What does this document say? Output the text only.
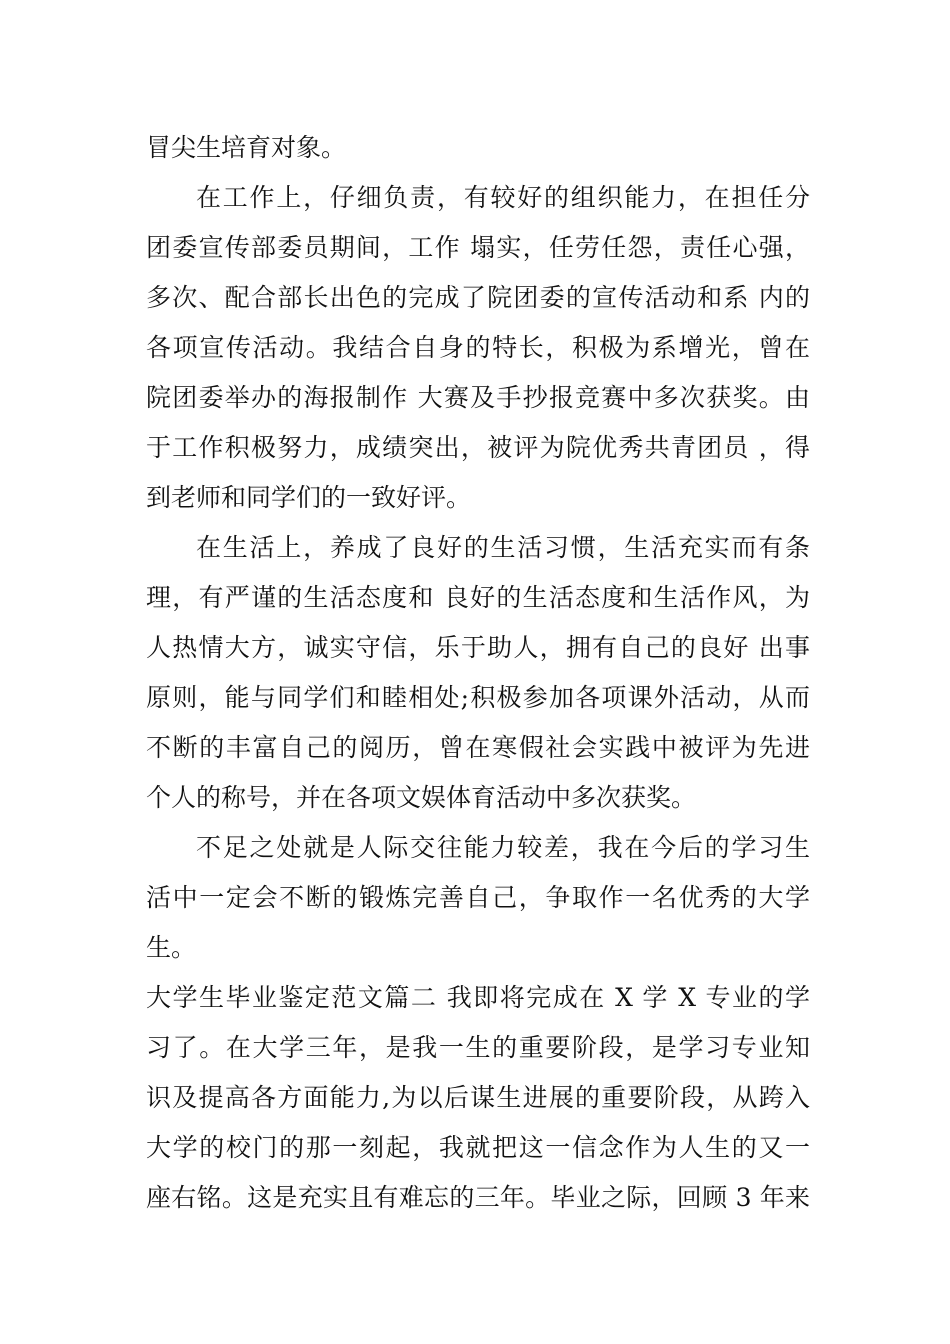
冒尖生培育对象。
在工作上，仔细负责，有较好的组织能力，在担任分
团委宣传部委员期间，工作 塌实，任劳任怨，责任心强，
多次、配合部长出色的完成了院团委的宣传活动和系 内的
各项宣传活动。我结合自身的特长，积极为系增光，曾在
院团委举办的海报制作 大赛及手抄报竞赛中多次获奖。由
于工作积极努力，成绩突出，被评为院优秀共青团员 ，得
到老师和同学们的一致好评。
在生活上，养成了良好的生活习惯，生活充实而有条
理，有严谨的生活态度和 良好的生活态度和生活作风，为
人热情大方，诚实守信，乐于助人，拥有自己的良好 出事
原则，能与同学们和睦相处;积极参加各项课外活动，从而
不断的丰富自己的阅历，曾在寒假社会实践中被评为先进
个人的称号，并在各项文娱体育活动中多次获奖。
不足之处就是人际交往能力较差，我在今后的学习生
活中一定会不断的锻炼完善自己，争取作一名优秀的大学
生。
大学生毕业鉴定范文篇二 我即将完成在 X 学 X 专业的学
习了。在大学三年，是我一生的重要阶段，是学习专业知
识及提高各方面能力,为以后谋生进展的重要阶段，从跨入
大学的校门的那一刻起，我就把这一信念作为人生的又一
座右铭。这是充实且有难忘的三年。毕业之际，回顾 3 年来
